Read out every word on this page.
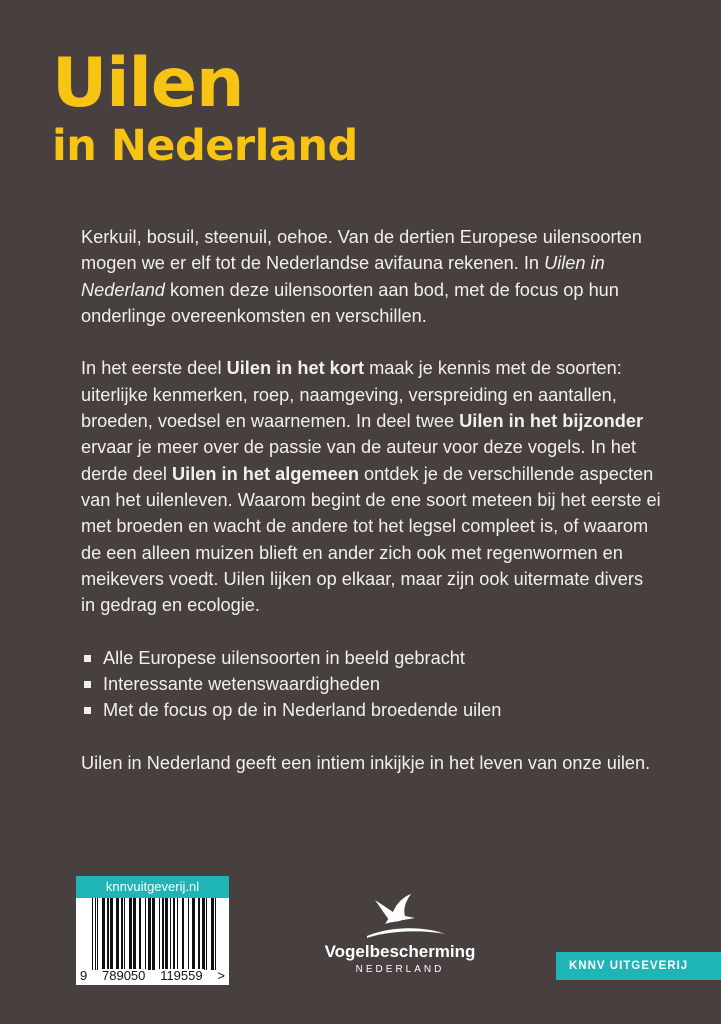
Uilen
in Nederland

Kerkuil, bosuil, steenuil, oehoe. Van de dertien Europese uilensoorten mogen we er elf tot de Nederlandse avifauna rekenen. In Uilen in Nederland komen deze uilensoorten aan bod, met de focus op hun onderlinge overeenkomsten en verschillen.

In het eerste deel Uilen in het kort maak je kennis met de soorten: uiterlijke kenmerken, roep, naamgeving, verspreiding en aantallen, broeden, voedsel en waarnemen. In deel twee Uilen in het bijzonder ervaar je meer over de passie van de auteur voor deze vogels. In het derde deel Uilen in het algemeen ontdek je de verschillende aspecten van het uilenleven. Waarom begint de ene soort meteen bij het eerste ei met broeden en wacht de andere tot het legsel compleet is, of waarom de een alleen muizen blieft en ander zich ook met regenwormen en meikevers voedt. Uilen lijken op elkaar, maar zijn ook uitermate divers in gedrag en ecologie.

Alle Europese uilensoorten in beeld gebracht
Interessante wetenswaardigheden
Met de focus op de in Nederland broedende uilen

Uilen in Nederland geeft een intiem inkijkje in het leven van onze uilen.

knnvuitgeverij.nl
9 789050 119559 >
Vogelbescherming
NEDERLAND	KNNV UITGEVERIJ
